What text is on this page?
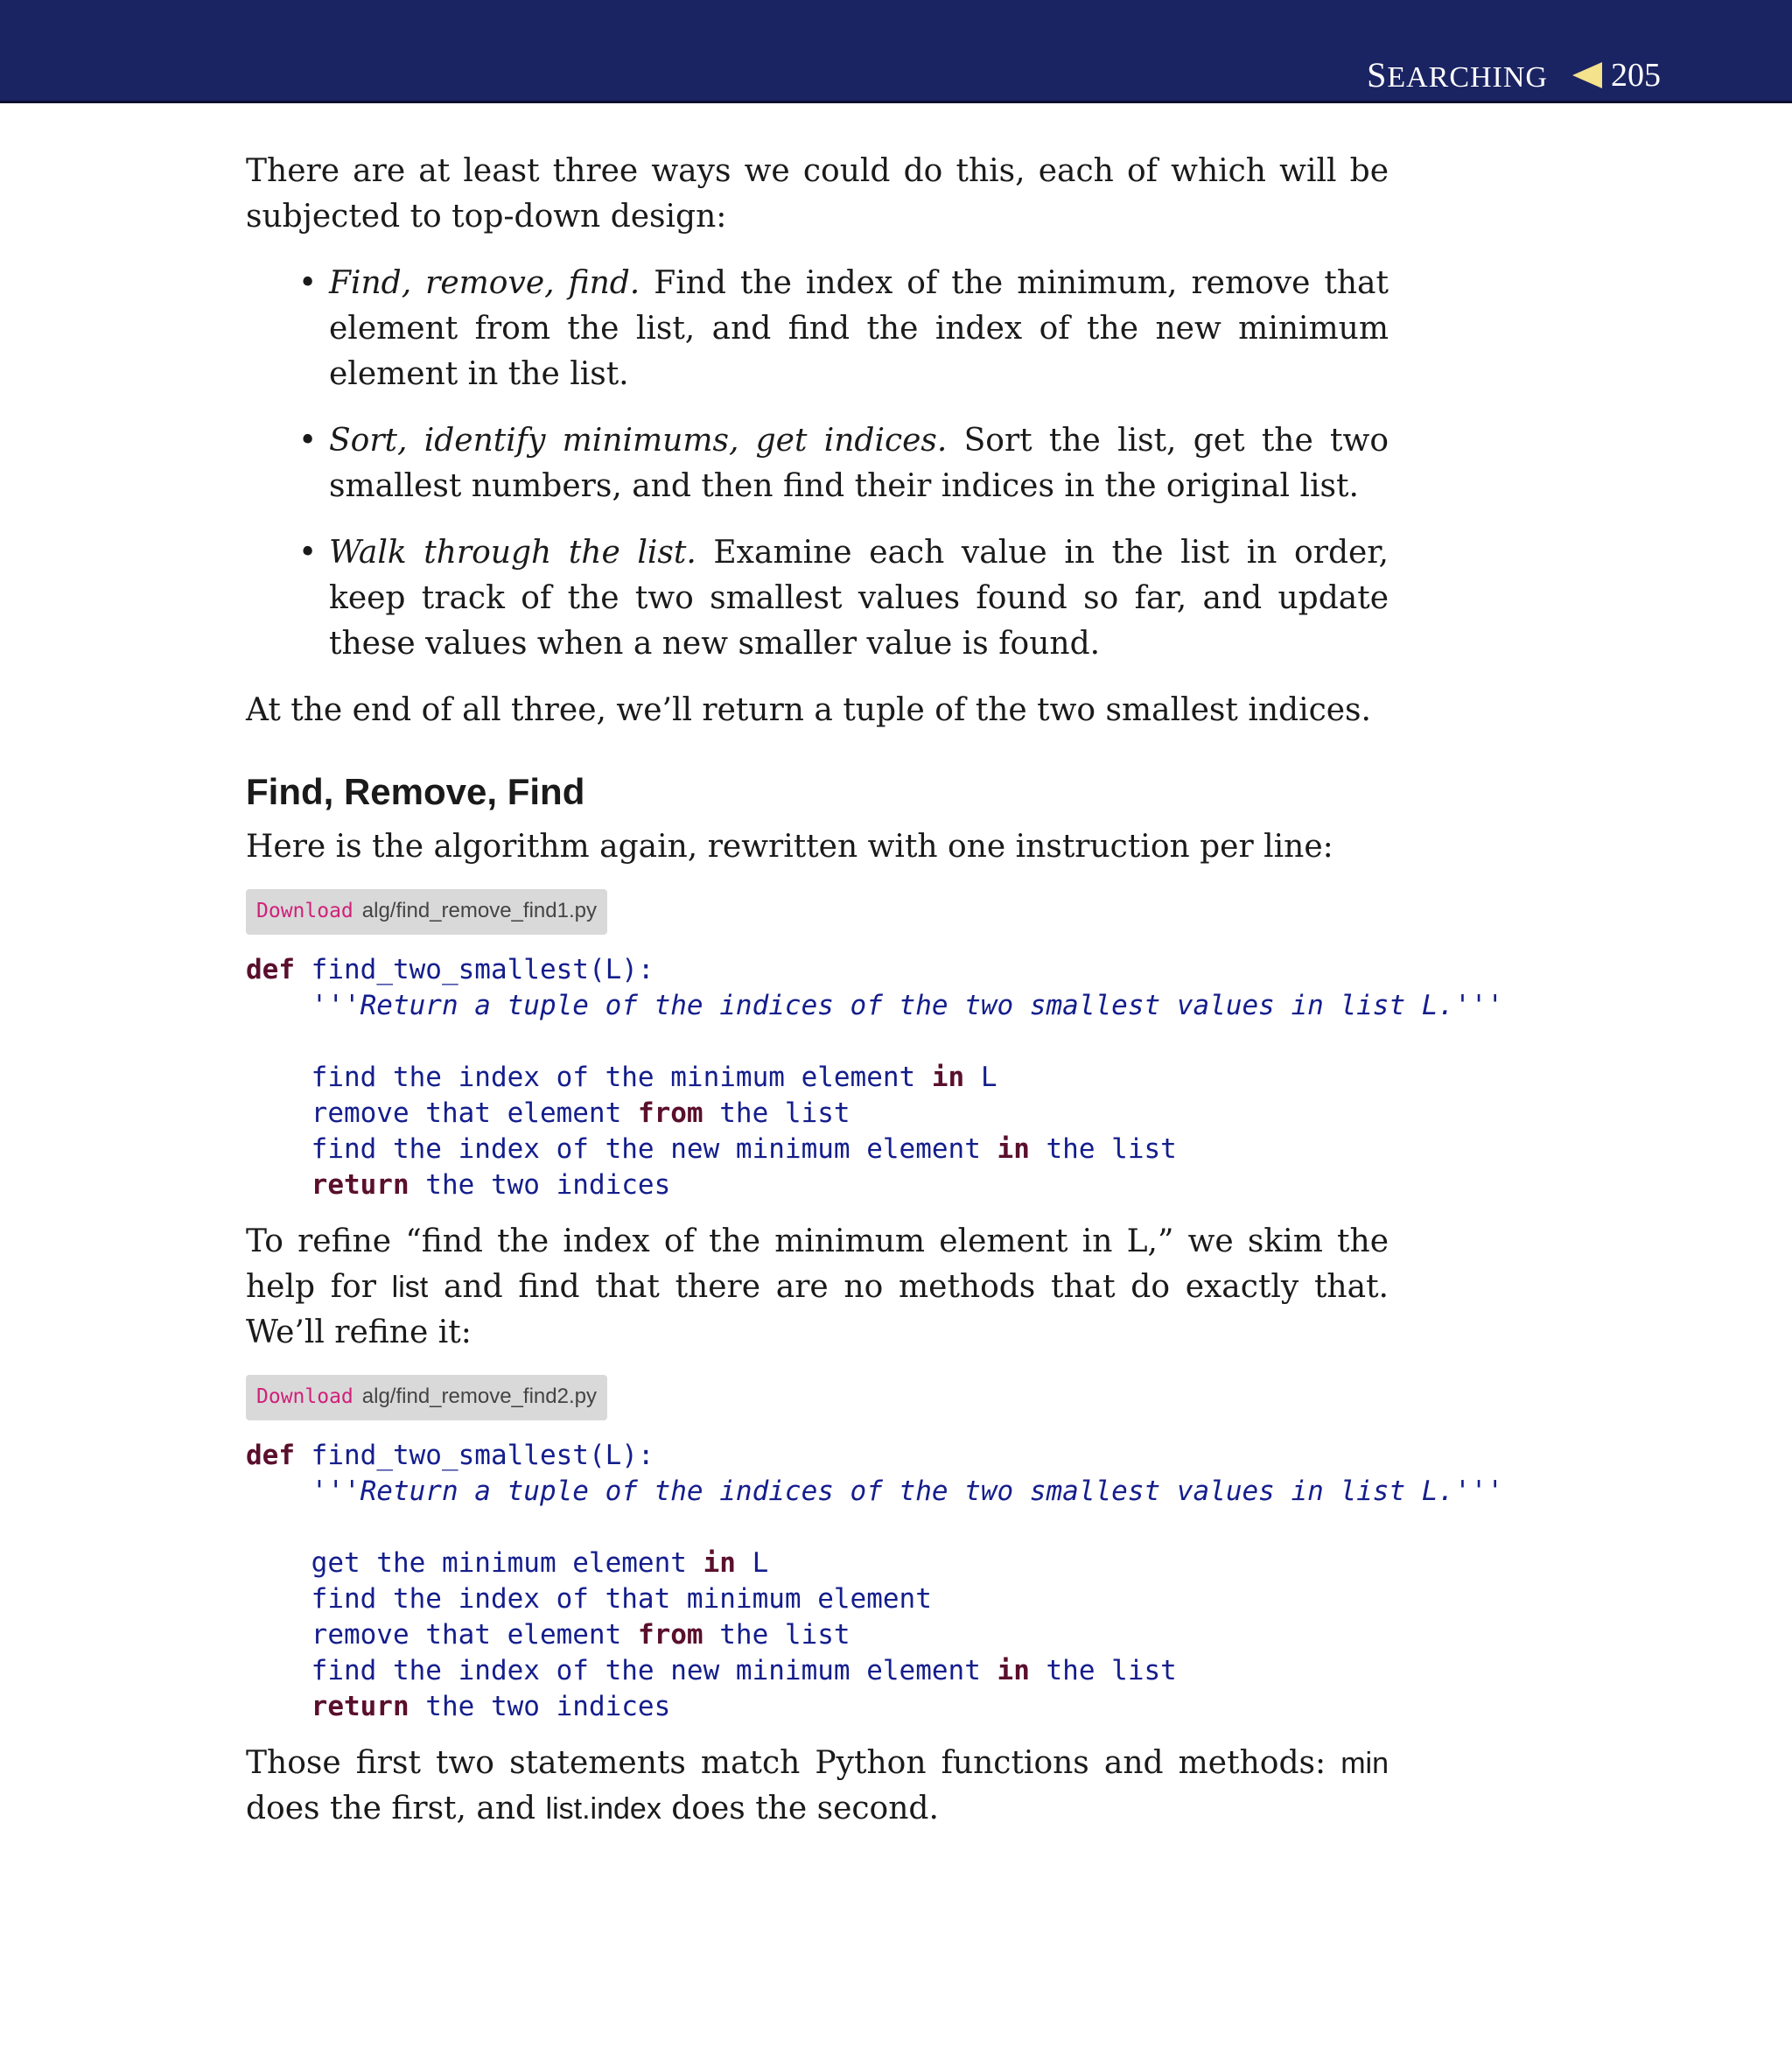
SEARCHING 205

There are at least three ways we could do this, each of which will be subjected to top-down design:

• Find, remove, find. Find the index of the minimum, remove that element from the list, and find the index of the new minimum element in the list.
• Sort, identify minimums, get indices. Sort the list, get the two smallest numbers, and then find their indices in the original list.
• Walk through the list. Examine each value in the list in order, keep track of the two smallest values found so far, and update these values when a new smaller value is found.

At the end of all three, we’ll return a tuple of the two smallest indices.

Find, Remove, Find

Here is the algorithm again, rewritten with one instruction per line:

Download alg/find_remove_find1.py
def find_two_smallest(L):
'''Return a tuple of the indices of the two smallest values in list L.'''

find the index of the minimum element in L
remove that element from the list
find the index of the new minimum element in the list
return the two indices

To refine “find the index of the minimum element in L,” we skim the help for list and find that there are no methods that do exactly that. We’ll refine it:

Download alg/find_remove_find2.py
def find_two_smallest(L):
'''Return a tuple of the indices of the two smallest values in list L.'''

get the minimum element in L
find the index of that minimum element
remove that element from the list
find the index of the new minimum element in the list
return the two indices

Those first two statements match Python functions and methods: min does the first, and list.index does the second.
